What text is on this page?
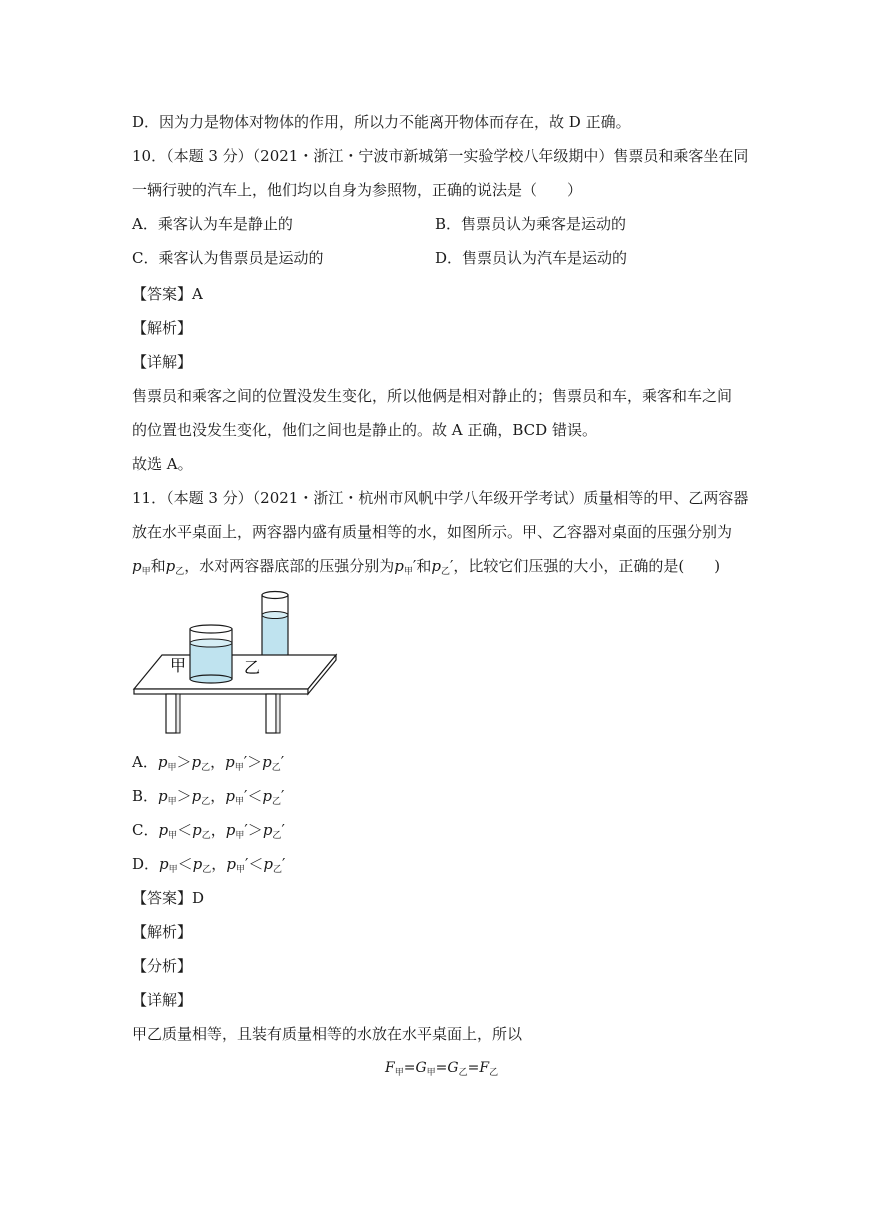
D．因为力是物体对物体的作用，所以力不能离开物体而存在，故 D 正确。
10．（本题 3 分）（2021・浙江・宁波市新城第一实验学校八年级期中）售票员和乘客坐在同
一辆行驶的汽车上，他们均以自身为参照物，正确的说法是（　　）
A．乘客认为车是静止的	B．售票员认为乘客是运动的
C．乘客认为售票员是运动的	D．售票员认为汽车是运动的
【答案】A
【解析】
【详解】
售票员和乘客之间的位置没发生变化，所以他俩是相对静止的；售票员和车，乘客和车之间
的位置也没发生变化，他们之间也是静止的。故 A 正确，BCD 错误。
故选 A。
11．（本题 3 分）（2021・浙江・杭州市风帆中学八年级开学考试）质量相等的甲、乙两容器
放在水平桌面上，两容器内盛有质量相等的水，如图所示。甲、乙容器对桌面的压强分别为
$p_甲$和$p_乙$，水对两容器底部的压强分别为$p_甲'$和$p_乙'$，比较它们压强的大小，正确的是(　　)
甲	乙
A．$p_甲>p_乙$，$p_甲'>p_乙'$
B．$p_甲>p_乙$，$p_甲'<p_乙'$
C．$p_甲<p_乙$，$p_甲'>p_乙'$
D．$p_甲<p_乙$，$p_甲'<p_乙'$
【答案】D
【解析】
【分析】
【详解】
甲乙质量相等，且装有质量相等的水放在水平桌面上，所以
$F_甲=G_甲=G_乙=F_乙$
